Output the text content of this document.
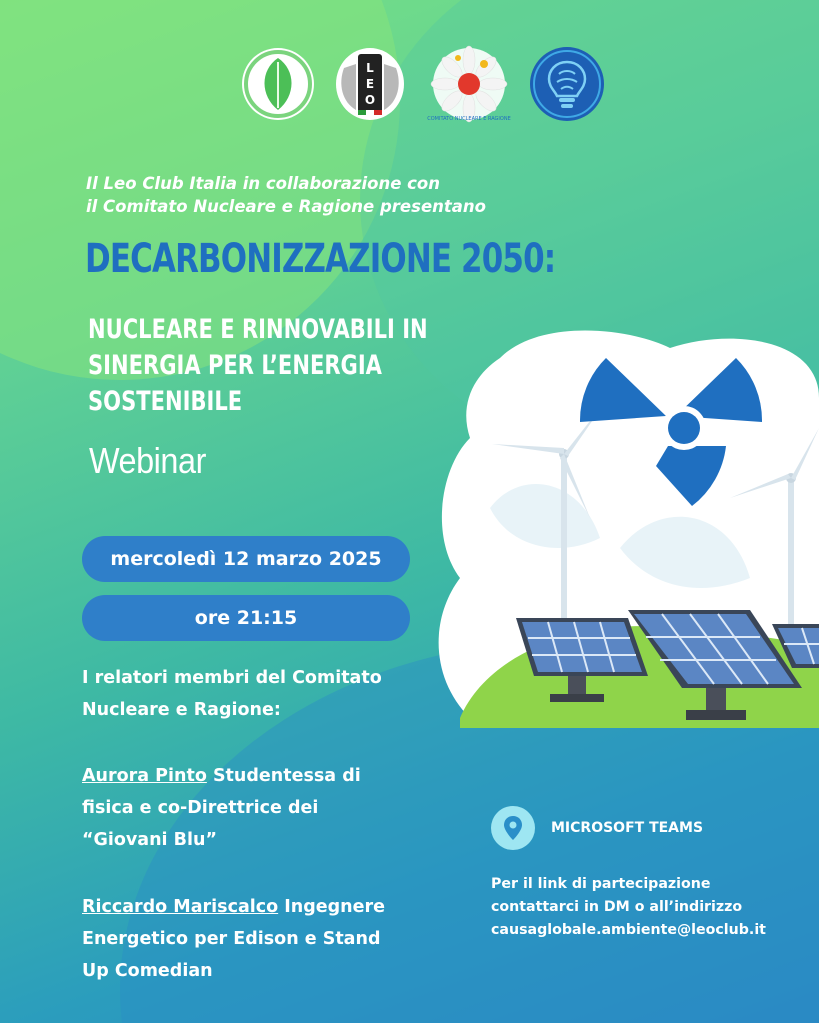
L
E
O
COMITATO NUCLEARE E RAGIONE
Il Leo Club Italia in collaborazione con
il Comitato Nucleare e Ragione presentano
DECARBONIZZAZIONE 2050:
NUCLEARE E RINNOVABILI IN
SINERGIA PER L’ENERGIA
SOSTENIBILE
Webinar
mercoledì 12 marzo 2025
ore 21:15
I relatori membri del Comitato
Nucleare e Ragione:
Aurora Pinto Studentessa di
fisica e co-Direttrice dei
“Giovani Blu”
Riccardo Mariscalco Ingegnere
Energetico per Edison e Stand
Up Comedian
MICROSOFT TEAMS
Per il link di partecipazione
contattarci in DM o all’indirizzo
causaglobale.ambiente@leoclub.it
